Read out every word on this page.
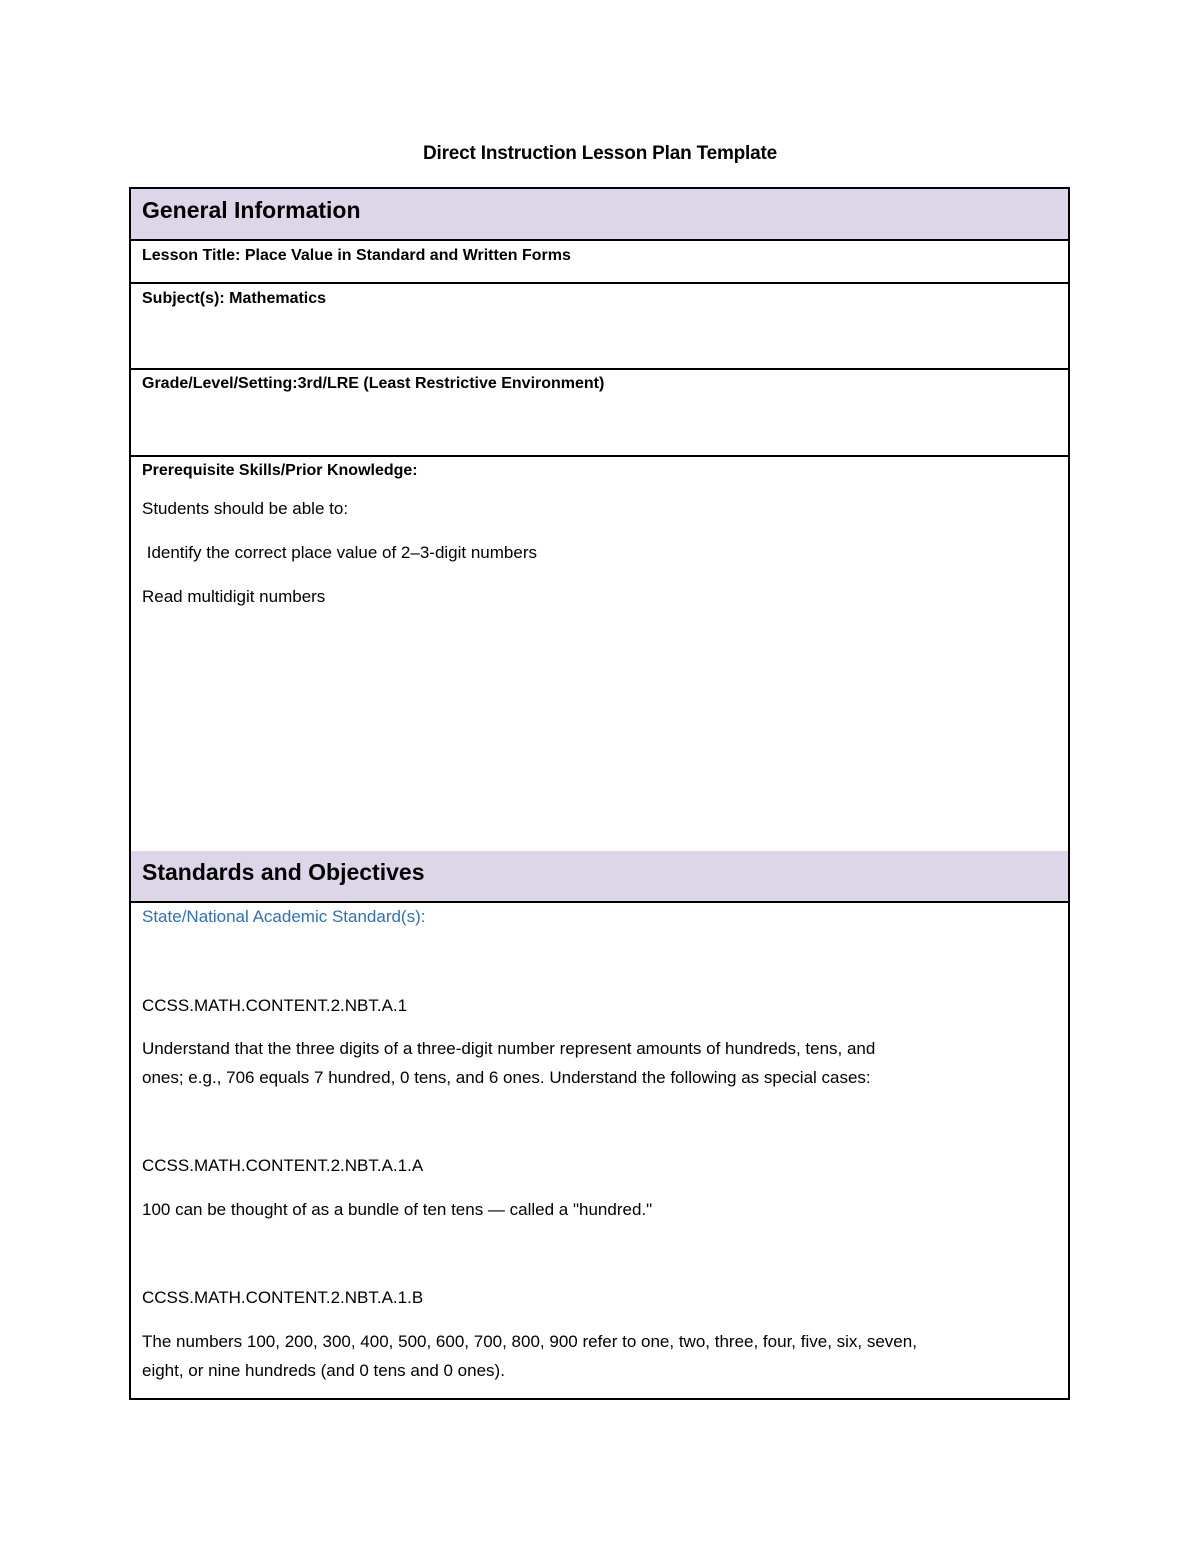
Direct Instruction Lesson Plan Template
General Information
Lesson Title: Place Value in Standard and Written Forms
Subject(s): Mathematics
Grade/Level/Setting:3rd/LRE (Least Restrictive Environment)
Prerequisite Skills/Prior Knowledge:

Students should be able to:

Identify the correct place value of 2–3-digit numbers

Read multidigit numbers

Standards and Objectives

State/National Academic Standard(s):

CCSS.MATH.CONTENT.2.NBT.A.1

Understand that the three digits of a three-digit number represent amounts of hundreds, tens, and

ones; e.g., 706 equals 7 hundred, 0 tens, and 6 ones. Understand the following as special cases:

CCSS.MATH.CONTENT.2.NBT.A.1.A

100 can be thought of as a bundle of ten tens — called a "hundred."

CCSS.MATH.CONTENT.2.NBT.A.1.B

The numbers 100, 200, 300, 400, 500, 600, 700, 800, 900 refer to one, two, three, four, five, six, seven,

eight, or nine hundreds (and 0 tens and 0 ones).
